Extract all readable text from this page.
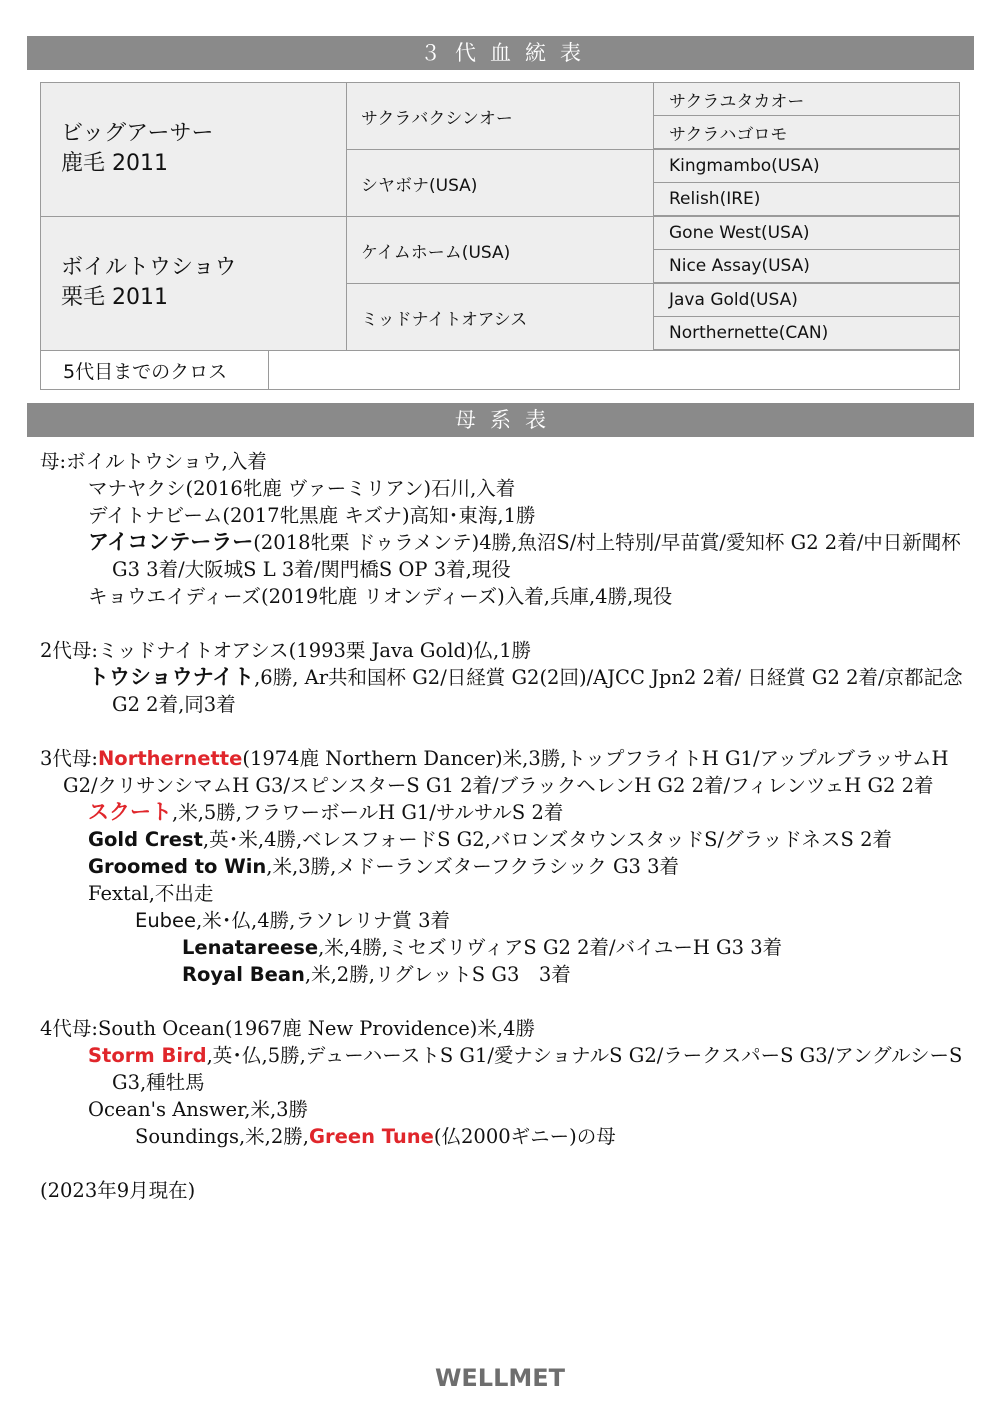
３代血統表
母系表
ビッグアーサー
鹿毛 2011
ボイルトウショウ
栗毛 2011
サクラバクシンオー
シヤボナ(USA)
ケイムホーム(USA)
ミッドナイトオアシス
サクラユタカオー
サクラハゴロモ
Kingmambo(USA)
Relish(IRE)
Gone West(USA)
Nice Assay(USA)
Java Gold(USA)
Northernette(CAN)
5代目までのクロス
母:ボイルトウショウ,入着
マナヤクシ(2016牝鹿 ヴァーミリアン)石川,入着
デイトナビーム(2017牝黒鹿 キズナ)高知･東海,1勝
アイコンテーラー(2018牝栗 ドゥラメンテ)4勝,魚沼S/村上特別/早苗賞/愛知杯 G2 2着/中日新聞杯 G3 3着/大阪城S L 3着/関門橋S OP 3着,現役
キョウエイディーズ(2019牝鹿 リオンディーズ)入着,兵庫,4勝,現役
2代母:ミッドナイトオアシス(1993栗 Java Gold)仏,1勝
トウショウナイト,6勝, Ar共和国杯 G2/日経賞 G2(2回)/AJCC Jpn2 2着/ 日経賞 G2 2着/京都記念 G2 2着,同3着
3代母:Northernette(1974鹿 Northern Dancer)米,3勝,トップフライトH G1/アップルブラッサムH G2/クリサンシマムH G3/スピンスターS G1 2着/ブラックヘレンH G2 2着/フィレンツェH G2 2着
スクート,米,5勝,フラワーボールH G1/サルサルS 2着
Gold Crest,英･米,4勝,ベレスフォードS G2,バロンズタウンスタッドS/グラッドネスS 2着
Groomed to Win,米,3勝,メドーランズターフクラシック G3 3着
Fextal,不出走
Eubee,米･仏,4勝,ラソレリナ賞 3着
Lenatareese,米,4勝,ミセズリヴィアS G2 2着/バイユーH G3 3着
Royal Bean,米,2勝,リグレットS G3　3着
4代母:South Ocean(1967鹿 New Providence)米,4勝
Storm Bird,英･仏,5勝,デューハーストS G1/愛ナショナルS G2/ラークスパーS G3/アングルシーS G3,種牡馬
Ocean's Answer,米,3勝
Soundings,米,2勝,Green Tune(仏2000ギニー)の母
(2023年9月現在)
WELLMET
